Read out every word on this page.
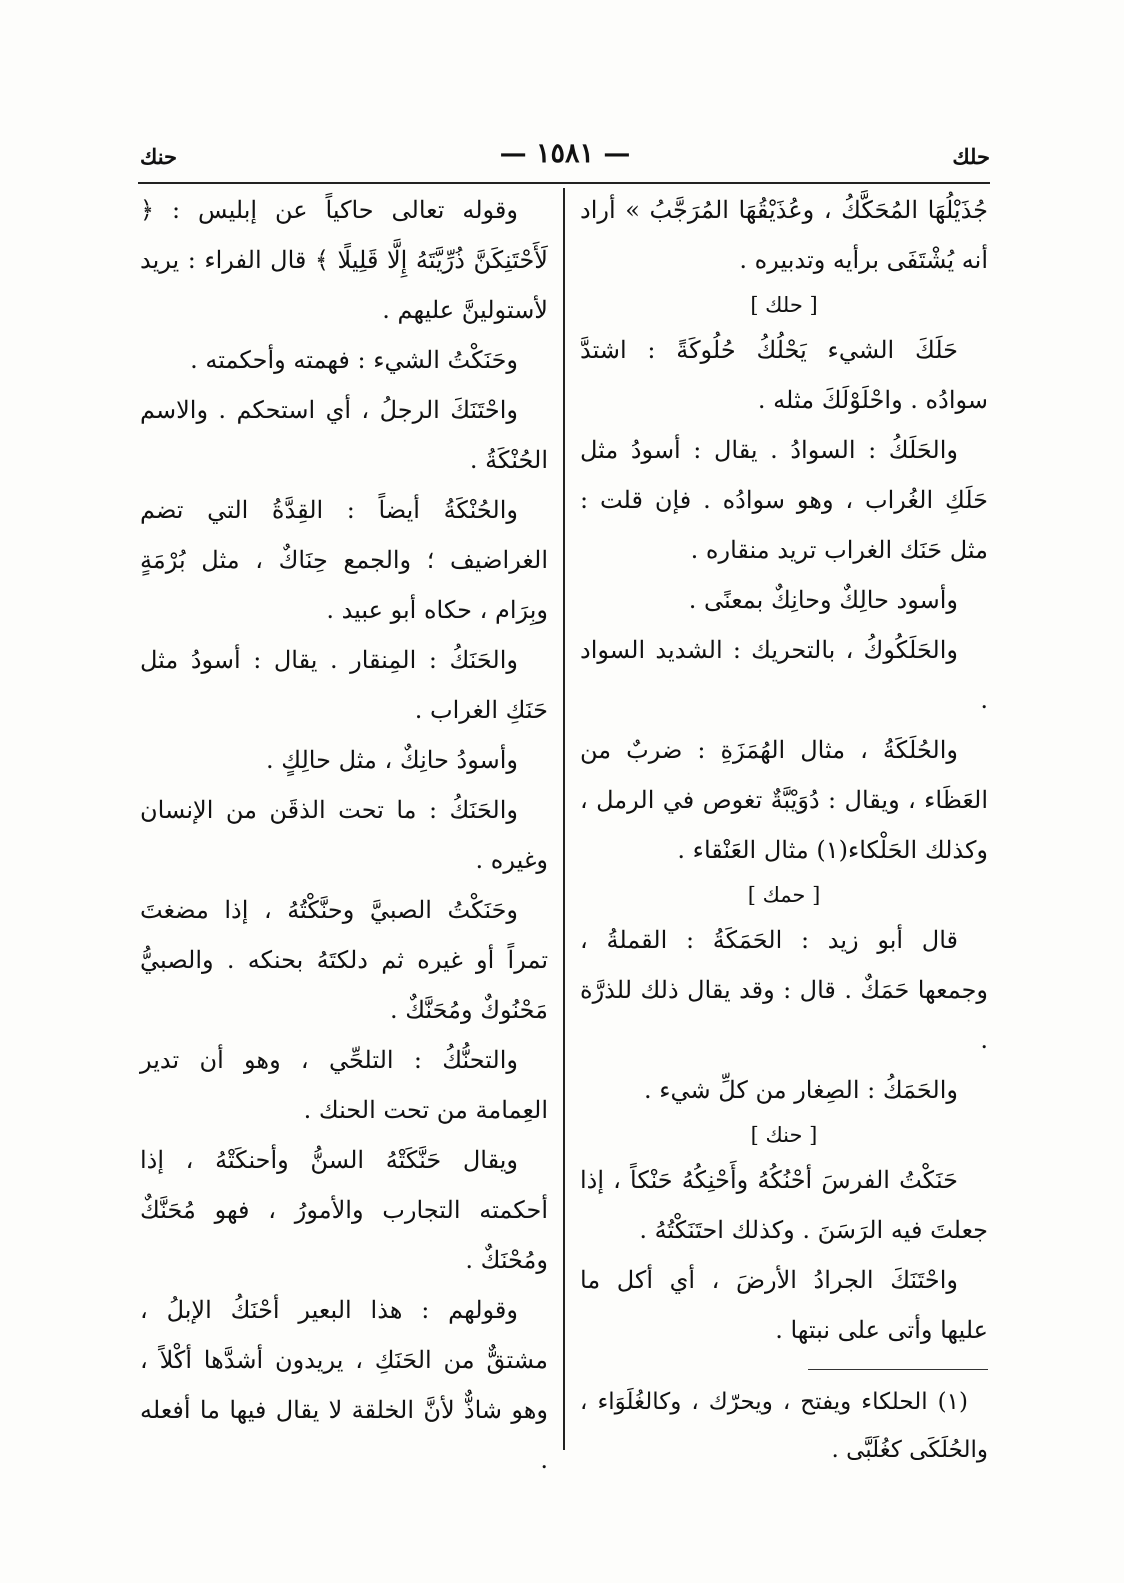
حلك
— ١٥٨١ —
حنك

جُذَيْلُهَا المُحَكَّكُ ، وعُذَيْقُهَا المُرَجَّبُ » أراد أنه يُشْتَفَى برأيه وتدبيره .

[ حلك ]

حَلَكَ الشيء يَحْلُكُ حُلُوكَةً : اشتدَّ سوادُه . واحْلَوْلَكَ مثله .

والحَلَكُ : السوادُ . يقال : أسودُ مثل حَلَكِ الغُراب ، وهو سوادُه . فإن قلت : مثل حَنَك الغراب تريد منقاره .

وأسود حالِكٌ وحانِكٌ بمعنًى .

والحَلَكُوكُ ، بالتحريك : الشديد السواد .

والحُلَكَةُ ، مثال الهُمَزَةِ : ضربٌ من العَظَاء ، ويقال : دُوَيْبَّةٌ تغوص في الرمل ، وكذلك الحَلْكاء(١) مثال العَنْقاء .

[ حمك ]

قال أبو زيد : الحَمَكَةُ : القملةُ ، وجمعها حَمَكٌ . قال : وقد يقال ذلك للذرَّة .

والحَمَكُ : الصِغار من كلِّ شيء .

[ حنك ]

حَنَكْتُ الفرسَ أحْنُكُهُ وأَحْنِكُهُ حَنْكاً ، إذا جعلتَ فيه الرَسَنَ . وكذلك احتَنَكْتُهُ .

واحْتَنَكَ الجرادُ الأرضَ ، أي أكل ما عليها وأتى على نبتها .

(١) الحلكاء ويفتح ، ويحرّك ، وكالغُلَوَاء ، والحُلَكَى كغُلَبَّى .

وقوله تعالى حاكياً عن إبليس : ﴿ لَأَحْتَنِكَنَّ ذُرِّيَّتَهُ إِلَّا قَلِيلًا ﴾ قال الفراء : يريد لأستولينَّ عليهم .

وحَنَكْتُ الشيء : فهمته وأحكمته .

واحْتَنَكَ الرجلُ ، أي استحكم . والاسم الحُنْكَةُ .

والحُنْكَةُ أيضاً : القِدَّةُ التي تضم الغراضيف ؛ والجمع حِنَاكٌ ، مثل بُرْمَةٍ وبِرَام ، حكاه أبو عبيد .

والحَنَكُ : المِنقار . يقال : أسودُ مثل حَنَكِ الغراب .

وأسودُ حانِكٌ ، مثل حالِكٍ .

والحَنَكُ : ما تحت الذقَن من الإنسان وغيره .

وحَنَكْتُ الصبيَّ وحنَّكْتُهُ ، إذا مضغتَ تمراً أو غيره ثم دلكتَهُ بحنكه . والصبيُّ مَحْنُوكٌ ومُحَنَّكٌ .

والتحنُّكُ : التلحِّي ، وهو أن تدير العِمامة من تحت الحنك .

ويقال حَنَّكَتْهُ السنُّ وأحنكَتْهُ ، إذا أحكمته التجارب والأمورُ ، فهو مُحَنَّكٌ ومُحْنَكٌ .

وقولهم : هذا البعير أحْنَكُ الإبلُ ، مشتقٌّ من الحَنَكِ ، يريدون أشدَّها أكْلاً ، وهو شاذٌّ لأنَّ الخلقة لا يقال فيها ما أفعله .
